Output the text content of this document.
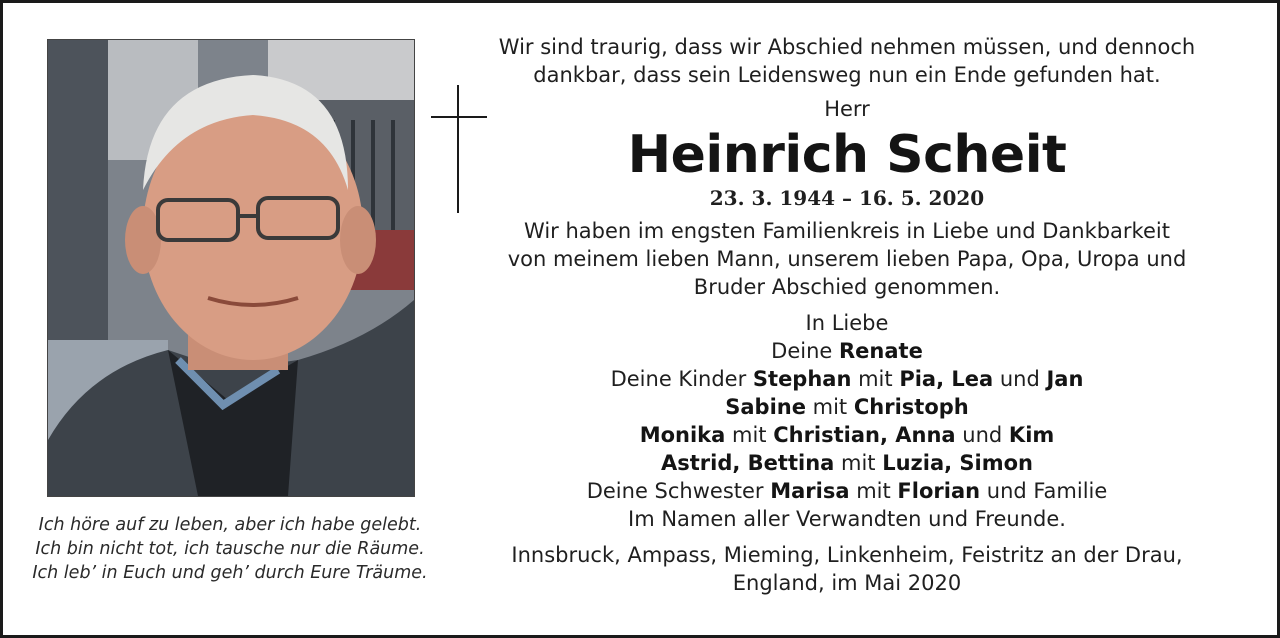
Ich höre auf zu leben, aber ich habe gelebt.
Ich bin nicht tot, ich tausche nur die Räume.
Ich leb’ in Euch und geh’ durch Eure Träume.
Wir sind traurig, dass wir Abschied nehmen müssen, und dennoch
dankbar, dass sein Leidensweg nun ein Ende gefunden hat.
Herr
Heinrich Scheit
23. 3. 1944 – 16. 5. 2020
Wir haben im engsten Familienkreis in Liebe und Dankbarkeit
von meinem lieben Mann, unserem lieben Papa, Opa, Uropa und
Bruder Abschied genommen.
In Liebe
Deine Renate
Deine Kinder Stephan mit Pia, Lea und Jan
Sabine mit Christoph
Monika mit Christian, Anna und Kim
Astrid, Bettina mit Luzia, Simon
Deine Schwester Marisa mit Florian und Familie
Im Namen aller Verwandten und Freunde.
Innsbruck, Ampass, Mieming, Linkenheim, Feistritz an der Drau,
England, im Mai 2020
